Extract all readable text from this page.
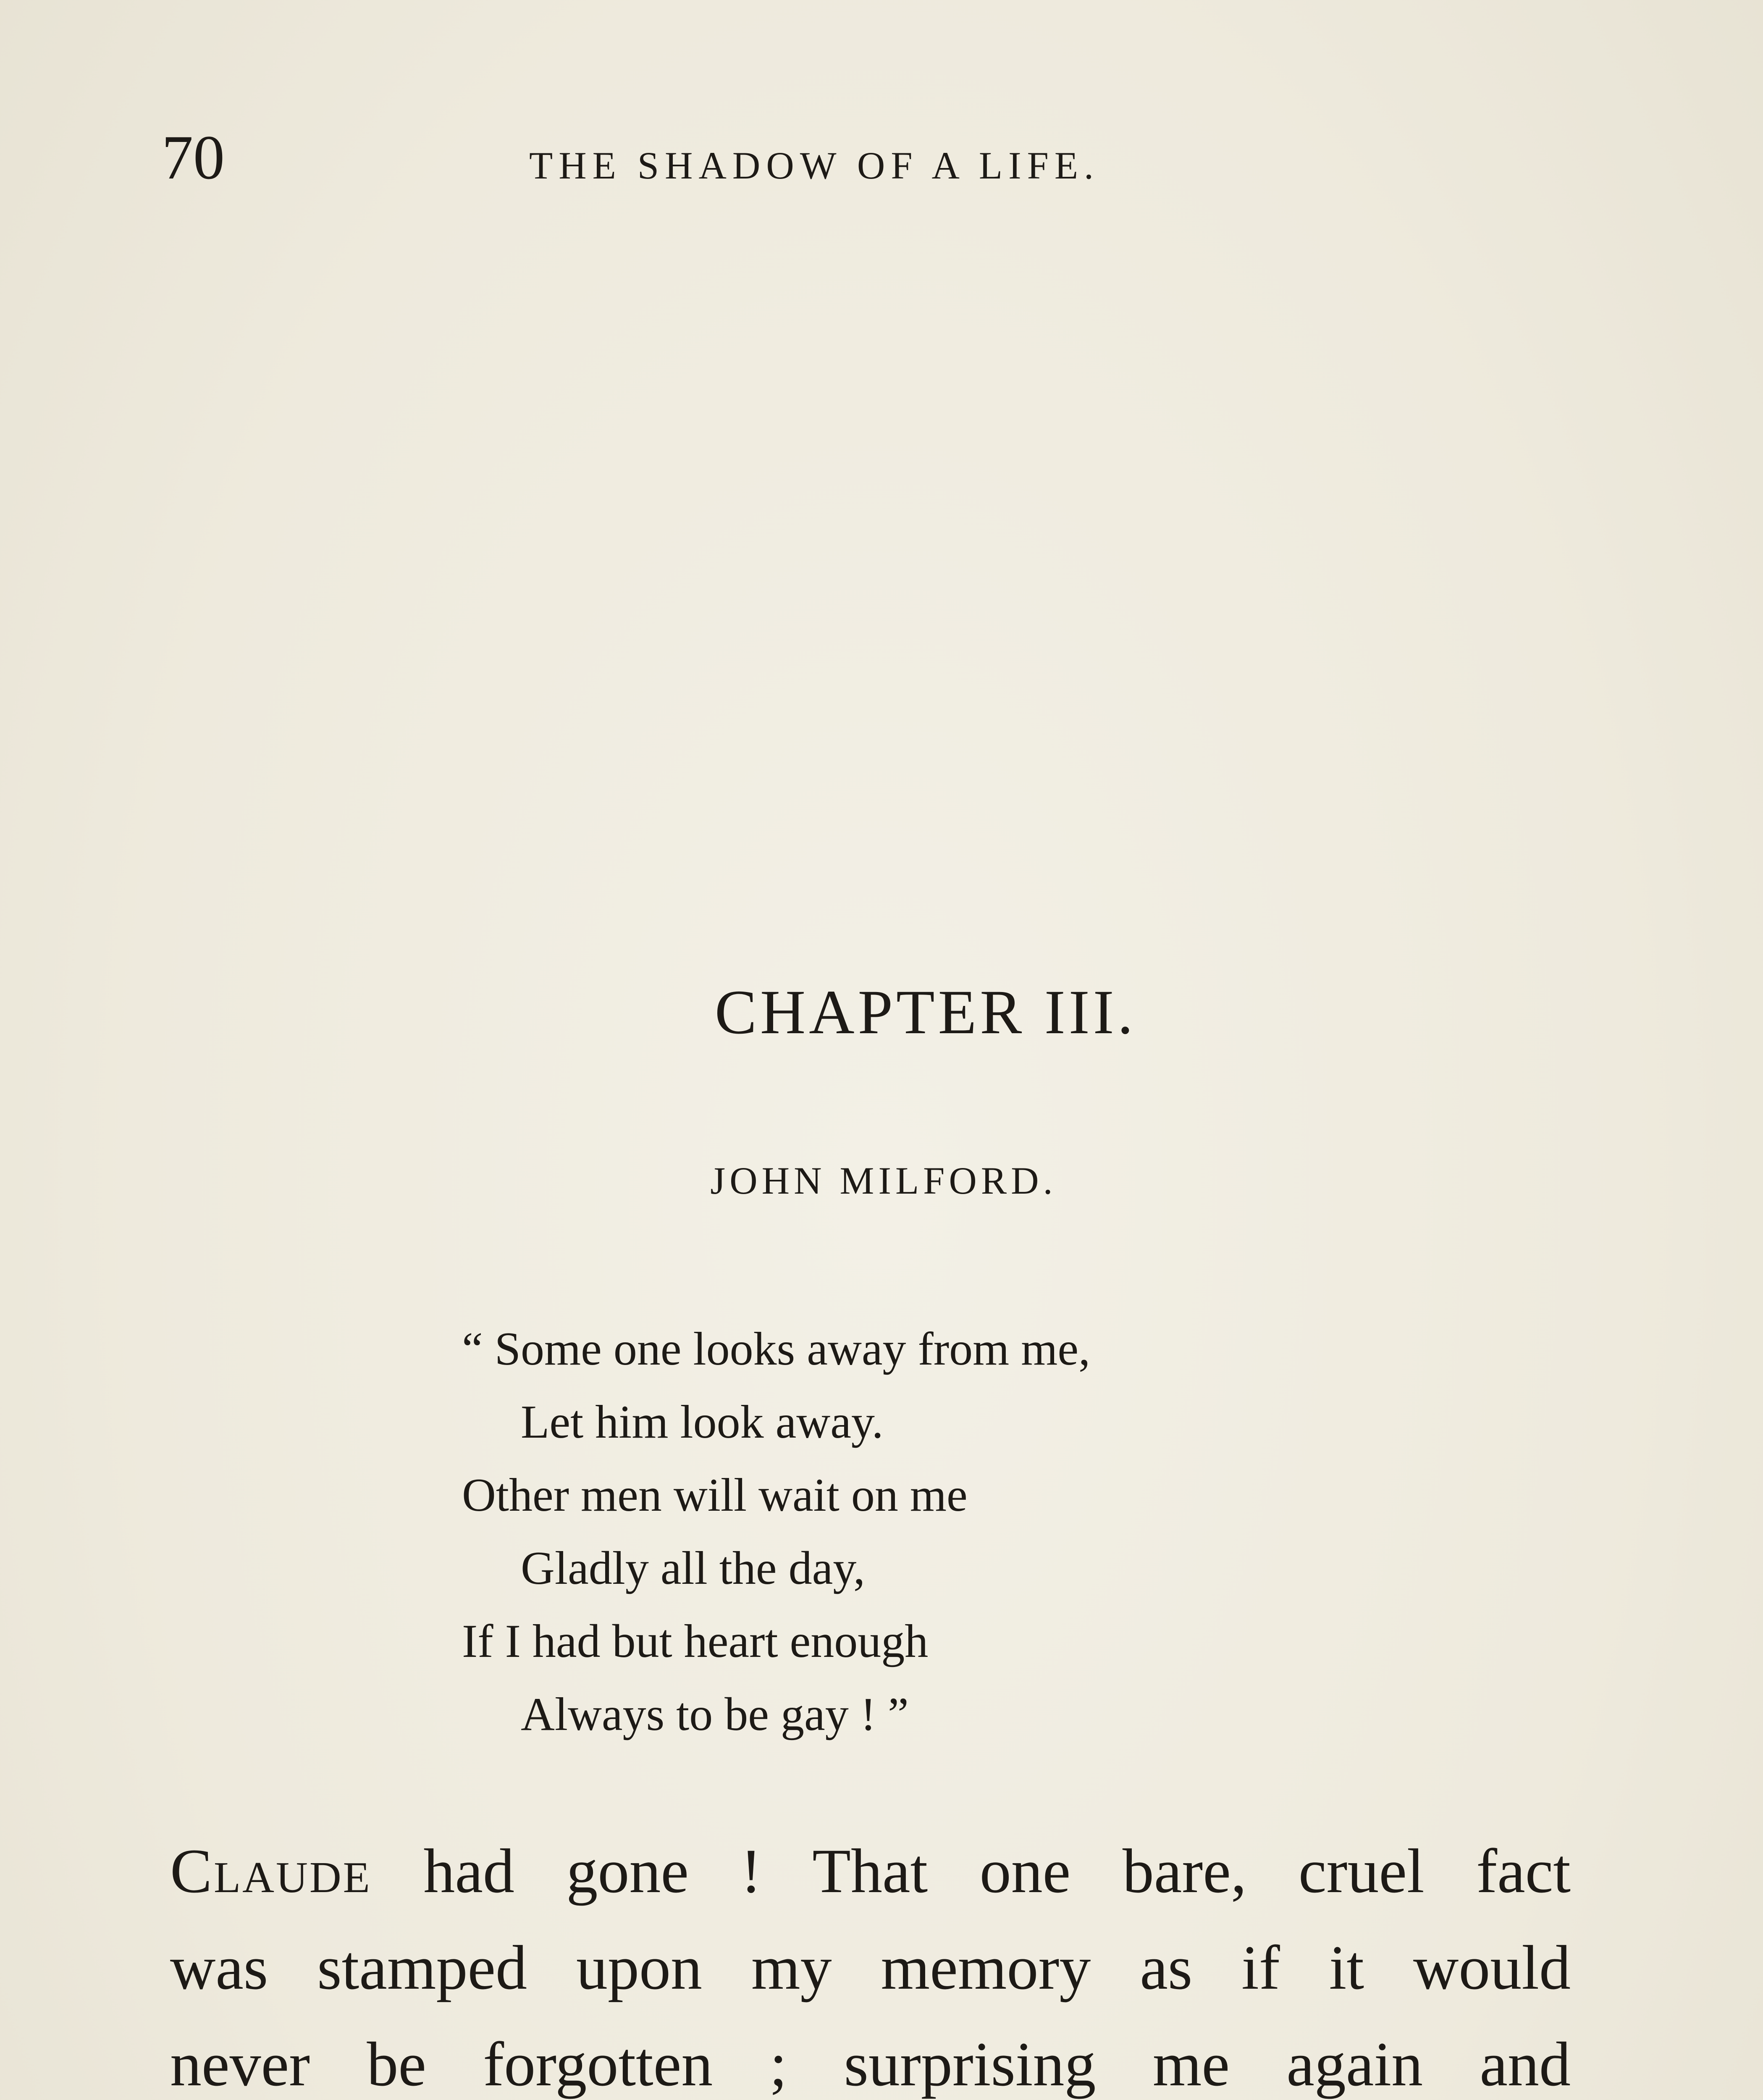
70	THE SHADOW OF A LIFE.
CHAPTER III.
JOHN MILFORD.
“ Some one looks away from me,
Let him look away.
Other men will wait on me
Gladly all the day,
If I had but heart enough
Always to be gay ! ”
Claude had gone ! That one bare, cruel fact
was stamped upon my memory as if it would
never be forgotten ; surprising me again and
